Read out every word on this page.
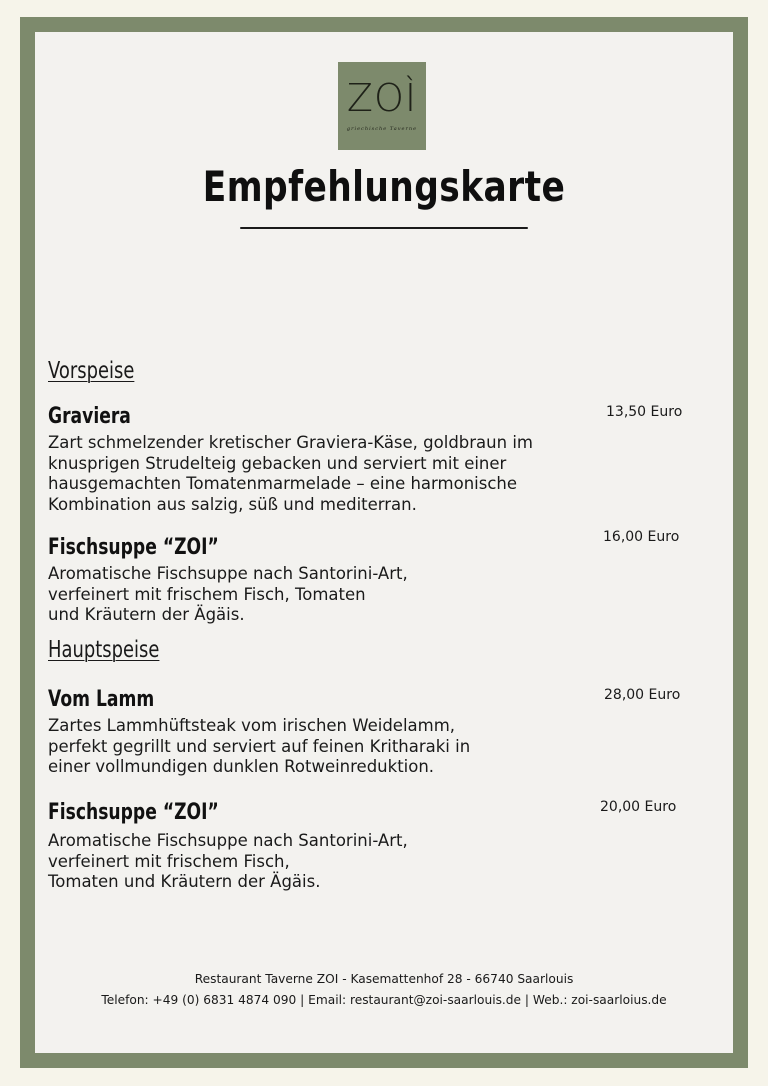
ZOÌ
griechische Taverne
Empfehlungskarte
Vorspeise
Graviera	13,50 Euro
Zart schmelzender kretischer Graviera-Käse, goldbraun im
knusprigen Strudelteig gebacken und serviert mit einer
hausgemachten Tomatenmarmelade – eine harmonische
Kombination aus salzig, süß und mediterran.
Fischsuppe “ZOI”	16,00 Euro
Aromatische Fischsuppe nach Santorini-Art,
verfeinert mit frischem Fisch, Tomaten
und Kräutern der Ägäis.
Hauptspeise
Vom Lamm	28,00 Euro
Zartes Lammhüftsteak vom irischen Weidelamm,
perfekt gegrillt und serviert auf feinen Kritharaki in
einer vollmundigen dunklen Rotweinreduktion.
Fischsuppe “ZOI”	20,00 Euro
Aromatische Fischsuppe nach Santorini-Art,
verfeinert mit frischem Fisch,
Tomaten und Kräutern der Ägäis.
Restaurant Taverne ZOI - Kasemattenhof 28 - 66740 Saarlouis
Telefon: +49 (0) 6831 4874 090 | Email: restaurant@zoi-saarlouis.de | Web.: zoi-saarloius.de
